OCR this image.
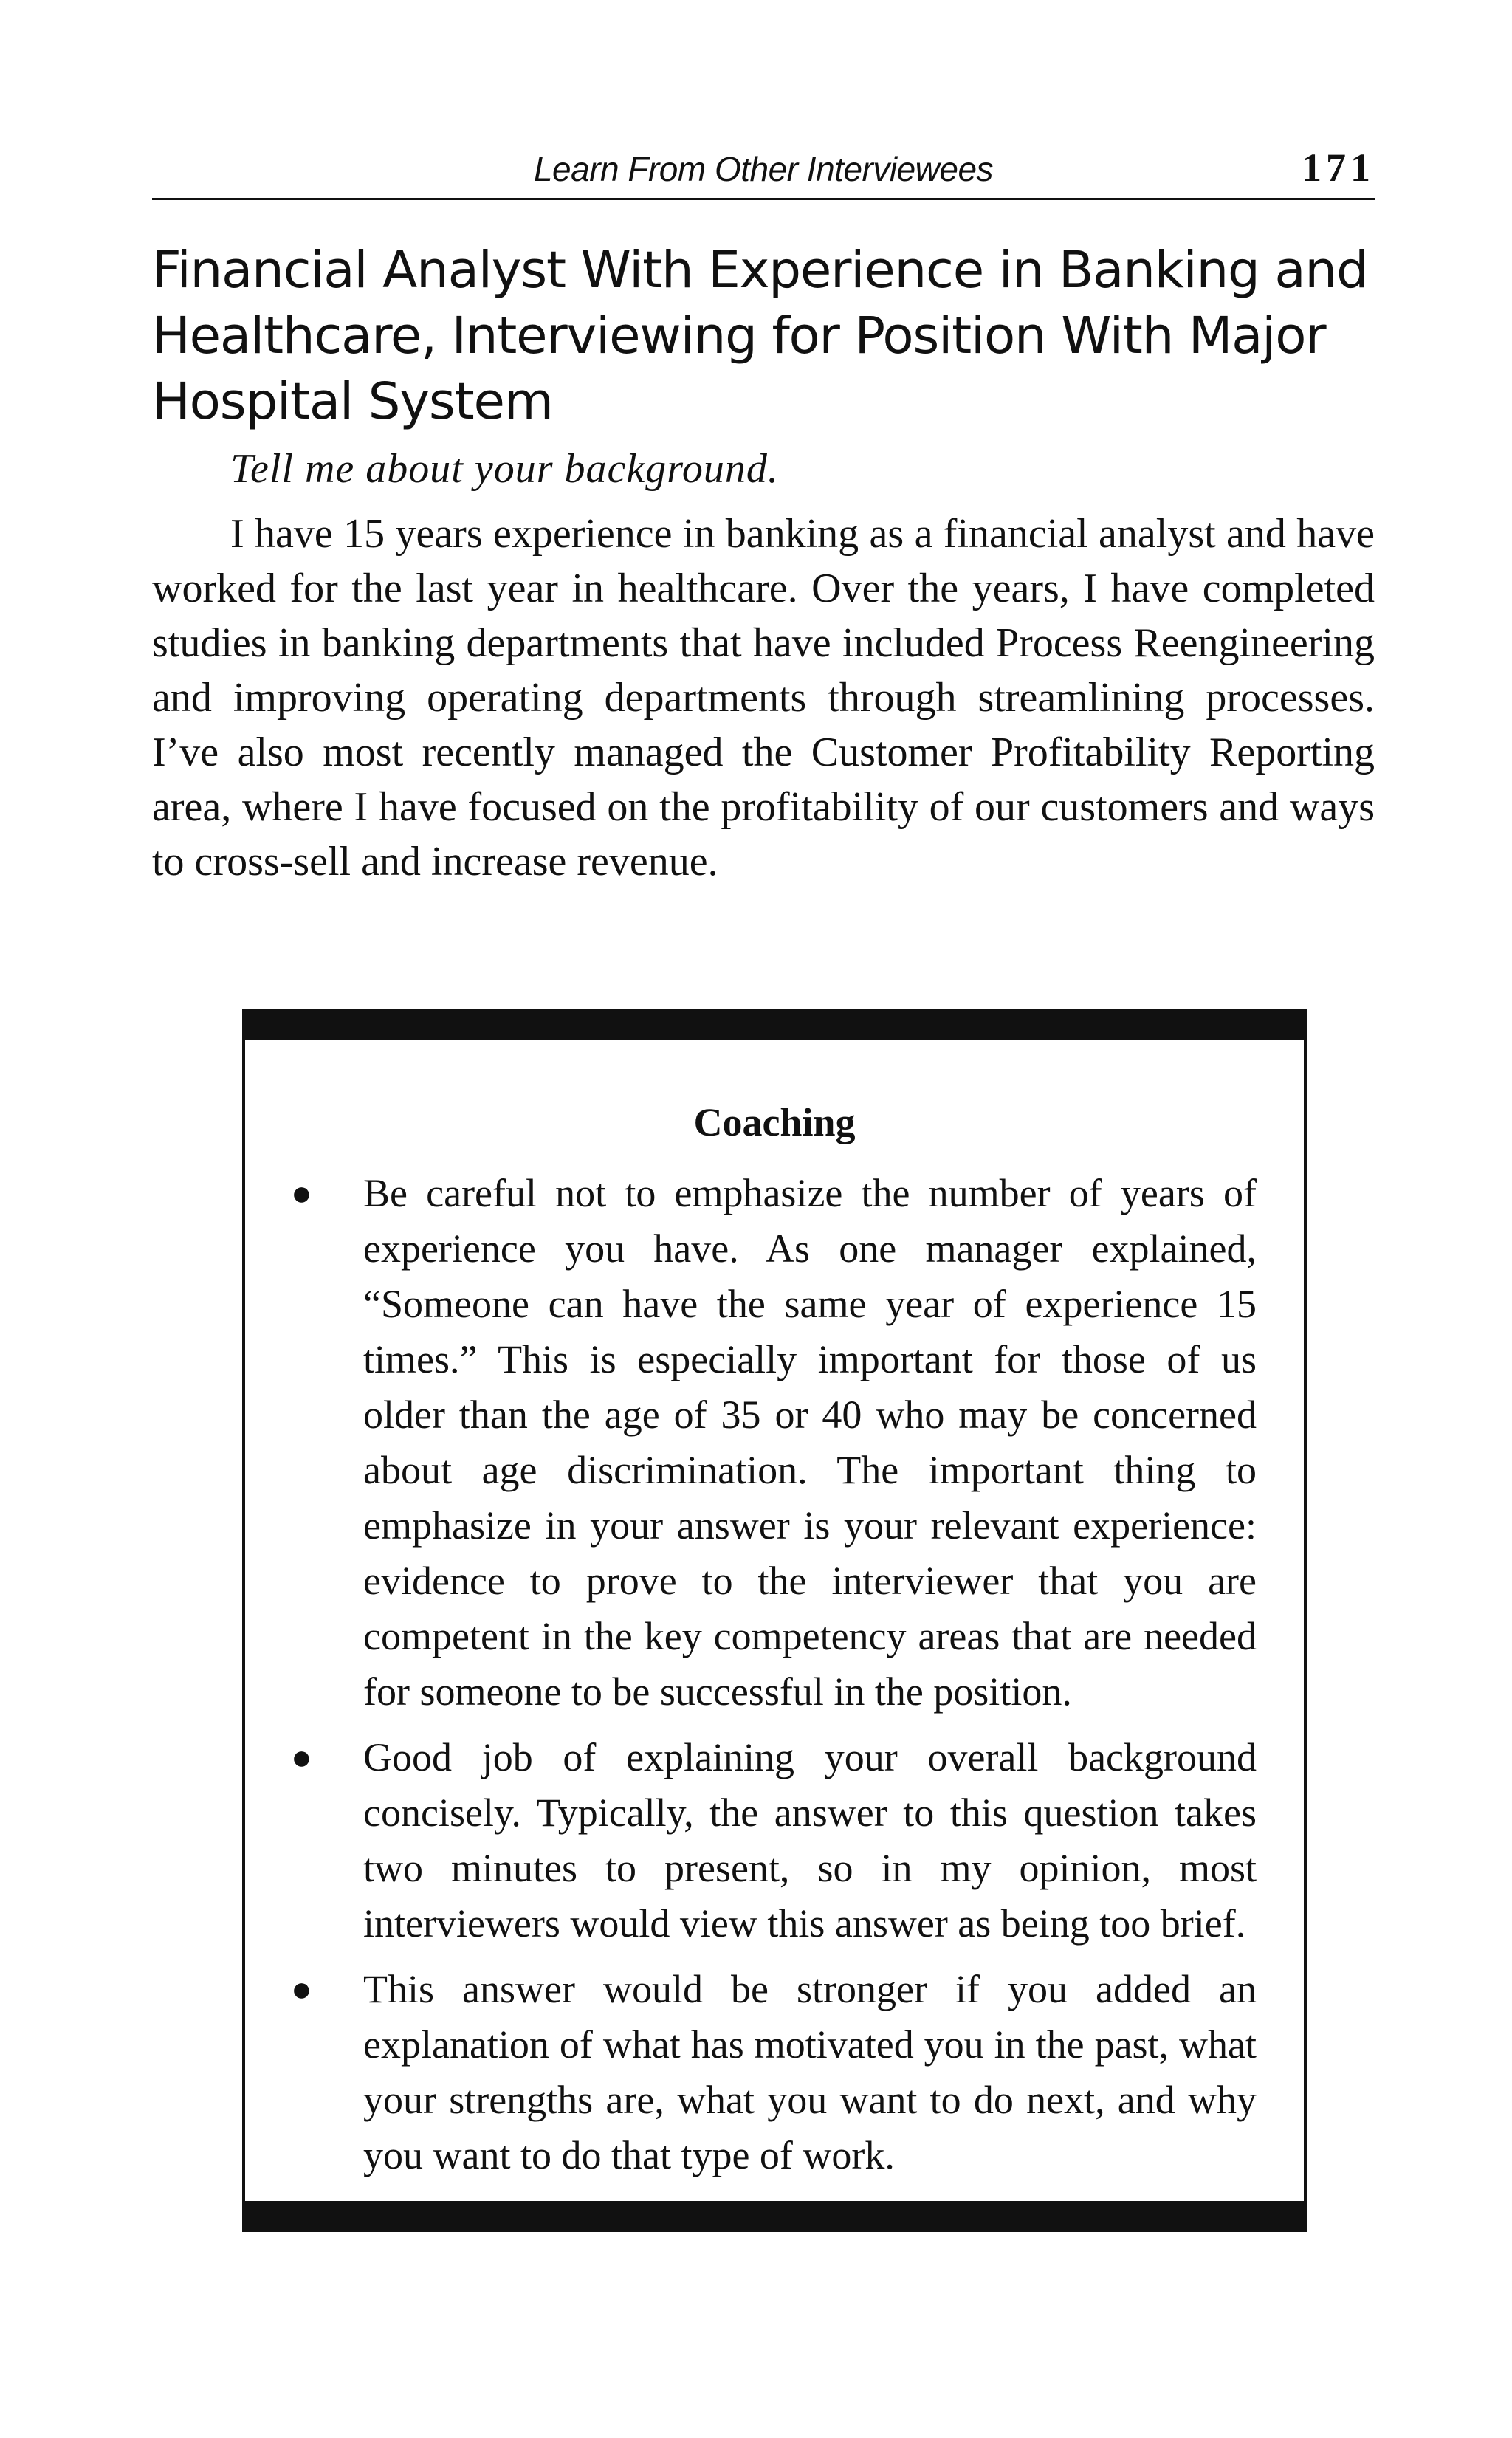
Learn From Other Interviewees	171
Financial Analyst With Experience in Banking and Healthcare, Interviewing for Position With Major Hospital System
Tell me about your background.

I have 15 years experience in banking as a financial analyst and have worked for the last year in healthcare. Over the years, I have completed studies in banking departments that have included Process Reengineering and improving operating departments through streamlining processes. I’ve also most recently managed the Customer Profitability Reporting area, where I have focused on the profitability of our customers and ways to cross-sell and increase revenue.

Coaching
● Be careful not to emphasize the number of years of experience you have. As one manager explained, “Someone can have the same year of experience 15 times.” This is especially important for those of us older than the age of 35 or 40 who may be concerned about age discrimination. The important thing to emphasize in your answer is your relevant experience: evidence to prove to the interviewer that you are competent in the key competency areas that are needed for someone to be successful in the position.
● Good job of explaining your overall background concisely. Typically, the answer to this question takes two minutes to present, so in my opinion, most interviewers would view this answer as being too brief.
● This answer would be stronger if you added an explanation of what has motivated you in the past, what your strengths are, what you want to do next, and why you want to do that type of work.
